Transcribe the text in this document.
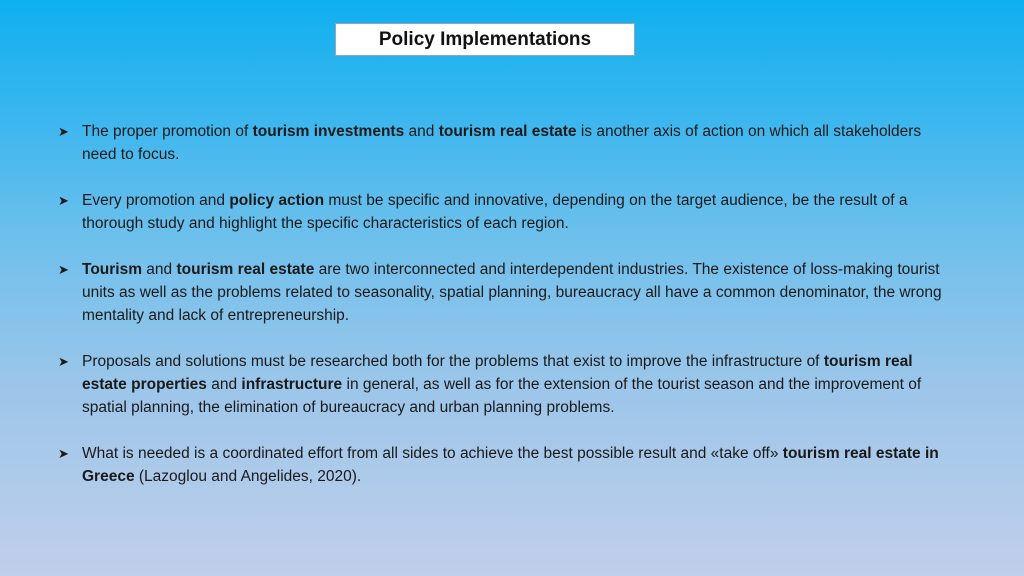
Policy Implementations
➤ The proper promotion of tourism investments and tourism real estate is another axis of action on which all stakeholders need to focus.
➤ Every promotion and policy action must be specific and innovative, depending on the target audience, be the result of a thorough study and highlight the specific characteristics of each region.
➤ Tourism and tourism real estate are two interconnected and interdependent industries. The existence of loss-making tourist units as well as the problems related to seasonality, spatial planning, bureaucracy all have a common denominator, the wrong mentality and lack of entrepreneurship.
➤ Proposals and solutions must be researched both for the problems that exist to improve the infrastructure of tourism real estate properties and infrastructure in general, as well as for the extension of the tourist season and the improvement of spatial planning, the elimination of bureaucracy and urban planning problems.
➤ What is needed is a coordinated effort from all sides to achieve the best possible result and «take off» tourism real estate in Greece (Lazoglou and Angelides, 2020).
